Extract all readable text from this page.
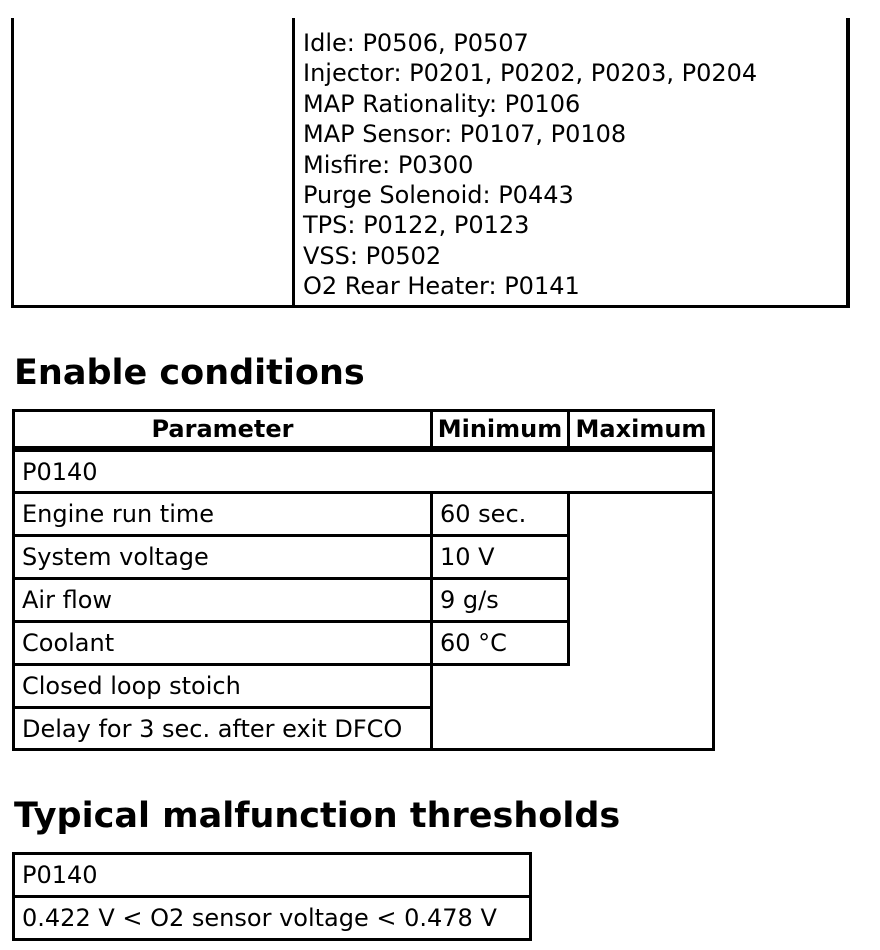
Idle: P0506, P0507
Injector: P0201, P0202, P0203, P0204
MAP Rationality: P0106
MAP Sensor: P0107, P0108
Misfire: P0300
Purge Solenoid: P0443
TPS: P0122, P0123
VSS: P0502
O2 Rear Heater: P0141
Enable conditions
Parameter	Minimum Maximum
P0140
Engine run time	60 sec.
System voltage	10 V
Air flow	9 g/s
Coolant	60 °C
Closed loop stoich
Delay for 3 sec. after exit DFCO
Typical malfunction thresholds
P0140
0.422 V < O2 sensor voltage < 0.478 V
